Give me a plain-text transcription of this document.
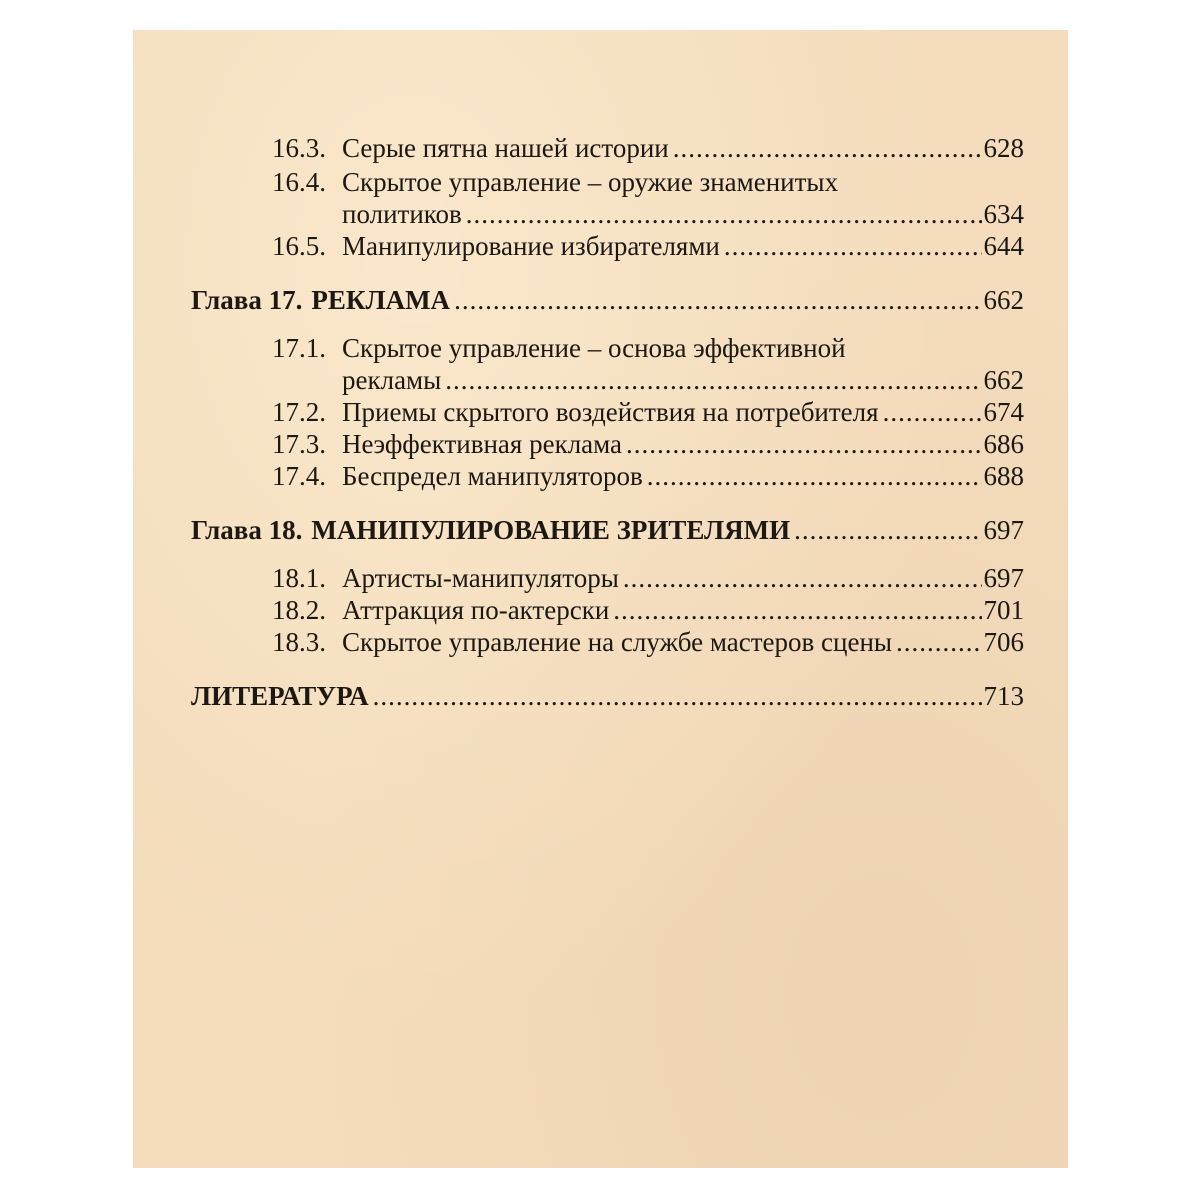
16.3. Серые пятна нашей истории .....	628
16.4. Скрытое управление – оружие знаменитых
политиков .....	634
16.5. Манипулирование избирателями .....	644
Глава 17. РЕКЛАМА .....	662
17.1. Скрытое управление – основа эффективной
рекламы .....	662
17.2. Приемы скрытого воздействия на потребителя .....	674
17.3. Неэффективная реклама .....	686
17.4. Беспредел манипуляторов .....	688
Глава 18. МАНИПУЛИРОВАНИЕ ЗРИТЕЛЯМИ .....	697
18.1. Артисты-манипуляторы .....	697
18.2. Аттракция по-актерски .....	701
18.3. Скрытое управление на службе мастеров сцены .....	706
ЛИТЕРАТУРА .....	713
